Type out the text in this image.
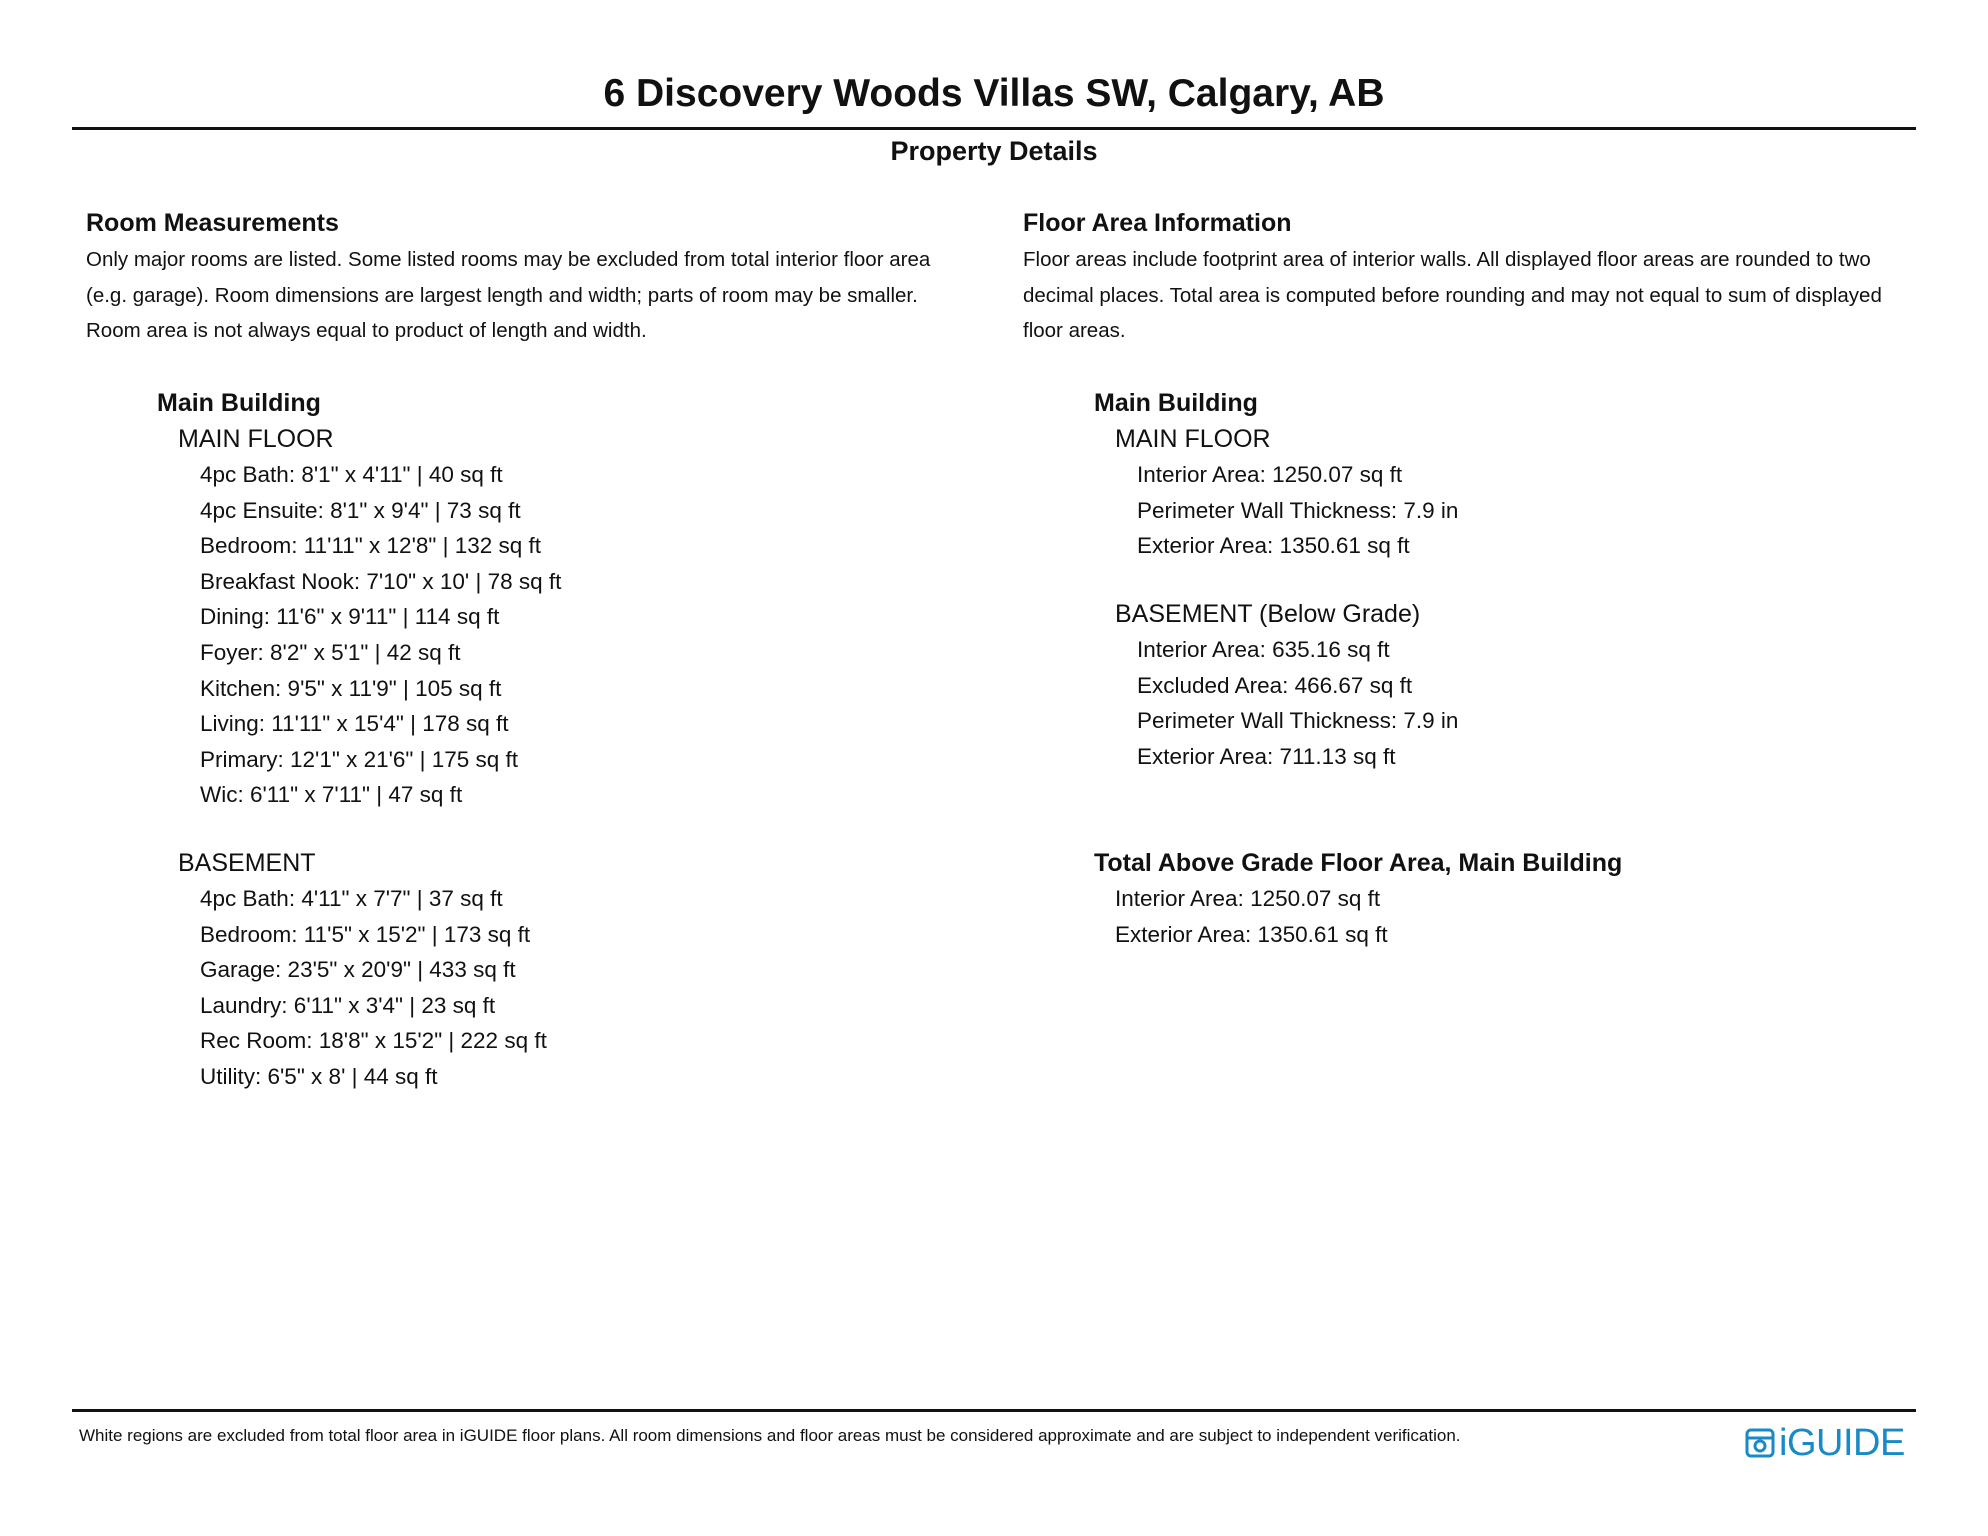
6 Discovery Woods Villas SW, Calgary, AB
Property Details
Room Measurements

Only major rooms are listed. Some listed rooms may be excluded from total interior floor area
(e.g. garage). Room dimensions are largest length and width; parts of room may be smaller.
Room area is not always equal to product of length and width.

Main Building
MAIN FLOOR
4pc Bath: 8'1" x 4'11" | 40 sq ft
4pc Ensuite: 8'1" x 9'4" | 73 sq ft
Bedroom: 11'11" x 12'8" | 132 sq ft
Breakfast Nook: 7'10" x 10' | 78 sq ft
Dining: 11'6" x 9'11" | 114 sq ft
Foyer: 8'2" x 5'1" | 42 sq ft
Kitchen: 9'5" x 11'9" | 105 sq ft
Living: 11'11" x 15'4" | 178 sq ft
Primary: 12'1" x 21'6" | 175 sq ft
Wic: 6'11" x 7'11" | 47 sq ft
BASEMENT
4pc Bath: 4'11" x 7'7" | 37 sq ft
Bedroom: 11'5" x 15'2" | 173 sq ft
Garage: 23'5" x 20'9" | 433 sq ft
Laundry: 6'11" x 3'4" | 23 sq ft
Rec Room: 18'8" x 15'2" | 222 sq ft
Utility: 6'5" x 8' | 44 sq ft
Floor Area Information

Floor areas include footprint area of interior walls. All displayed floor areas are rounded to two
decimal places. Total area is computed before rounding and may not equal to sum of displayed
floor areas.

Main Building
MAIN FLOOR
Interior Area: 1250.07 sq ft
Perimeter Wall Thickness: 7.9 in
Exterior Area: 1350.61 sq ft
BASEMENT (Below Grade)
Interior Area: 635.16 sq ft
Excluded Area: 466.67 sq ft
Perimeter Wall Thickness: 7.9 in
Exterior Area: 711.13 sq ft
Total Above Grade Floor Area, Main Building
Interior Area: 1250.07 sq ft
Exterior Area: 1350.61 sq ft

White regions are excluded from total floor area in iGUIDE floor plans. All room dimensions and floor areas must be considered approximate and are subject to independent verification.	iGUIDE
